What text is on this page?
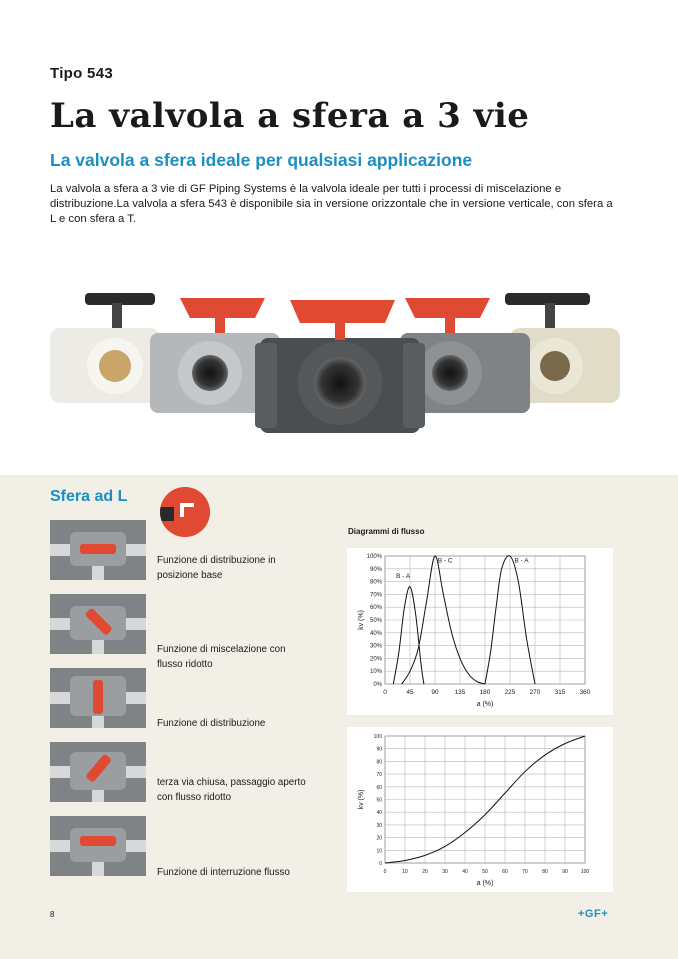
Tipo 543
La valvola a sfera a 3 vie
La valvola a sfera ideale per qualsiasi applicazione
La valvola a sfera a 3 vie di GF Piping Systems è la valvola ideale per tutti i processi di miscelazione e distribuzione.La valvola a sfera 543 è disponibile sia in versione orizzontale che in versione verticale, con sfera a L e con sfera a T.
Sfera ad L
Funzione di distribuzione in posizione base
Funzione di miscelazione con flusso ridotto
Funzione di distribuzione
terza via chiusa, passaggio aperto con flusso ridotto
Funzione di interruzione flusso
Diagrammi di flusso
0	45	90 135 180 225 270 315 360
0%
10%
20%
30%
40%
50%
60%
70%
80%
90%
100%
B - A
B - C	B - A
a (%)
kv (%)
0	10	20	30	40	50	60	70	80	90	100
0
10
20
30
40
50
60
70
80
90
100
a (%)
kv (%)
8	+GF+
